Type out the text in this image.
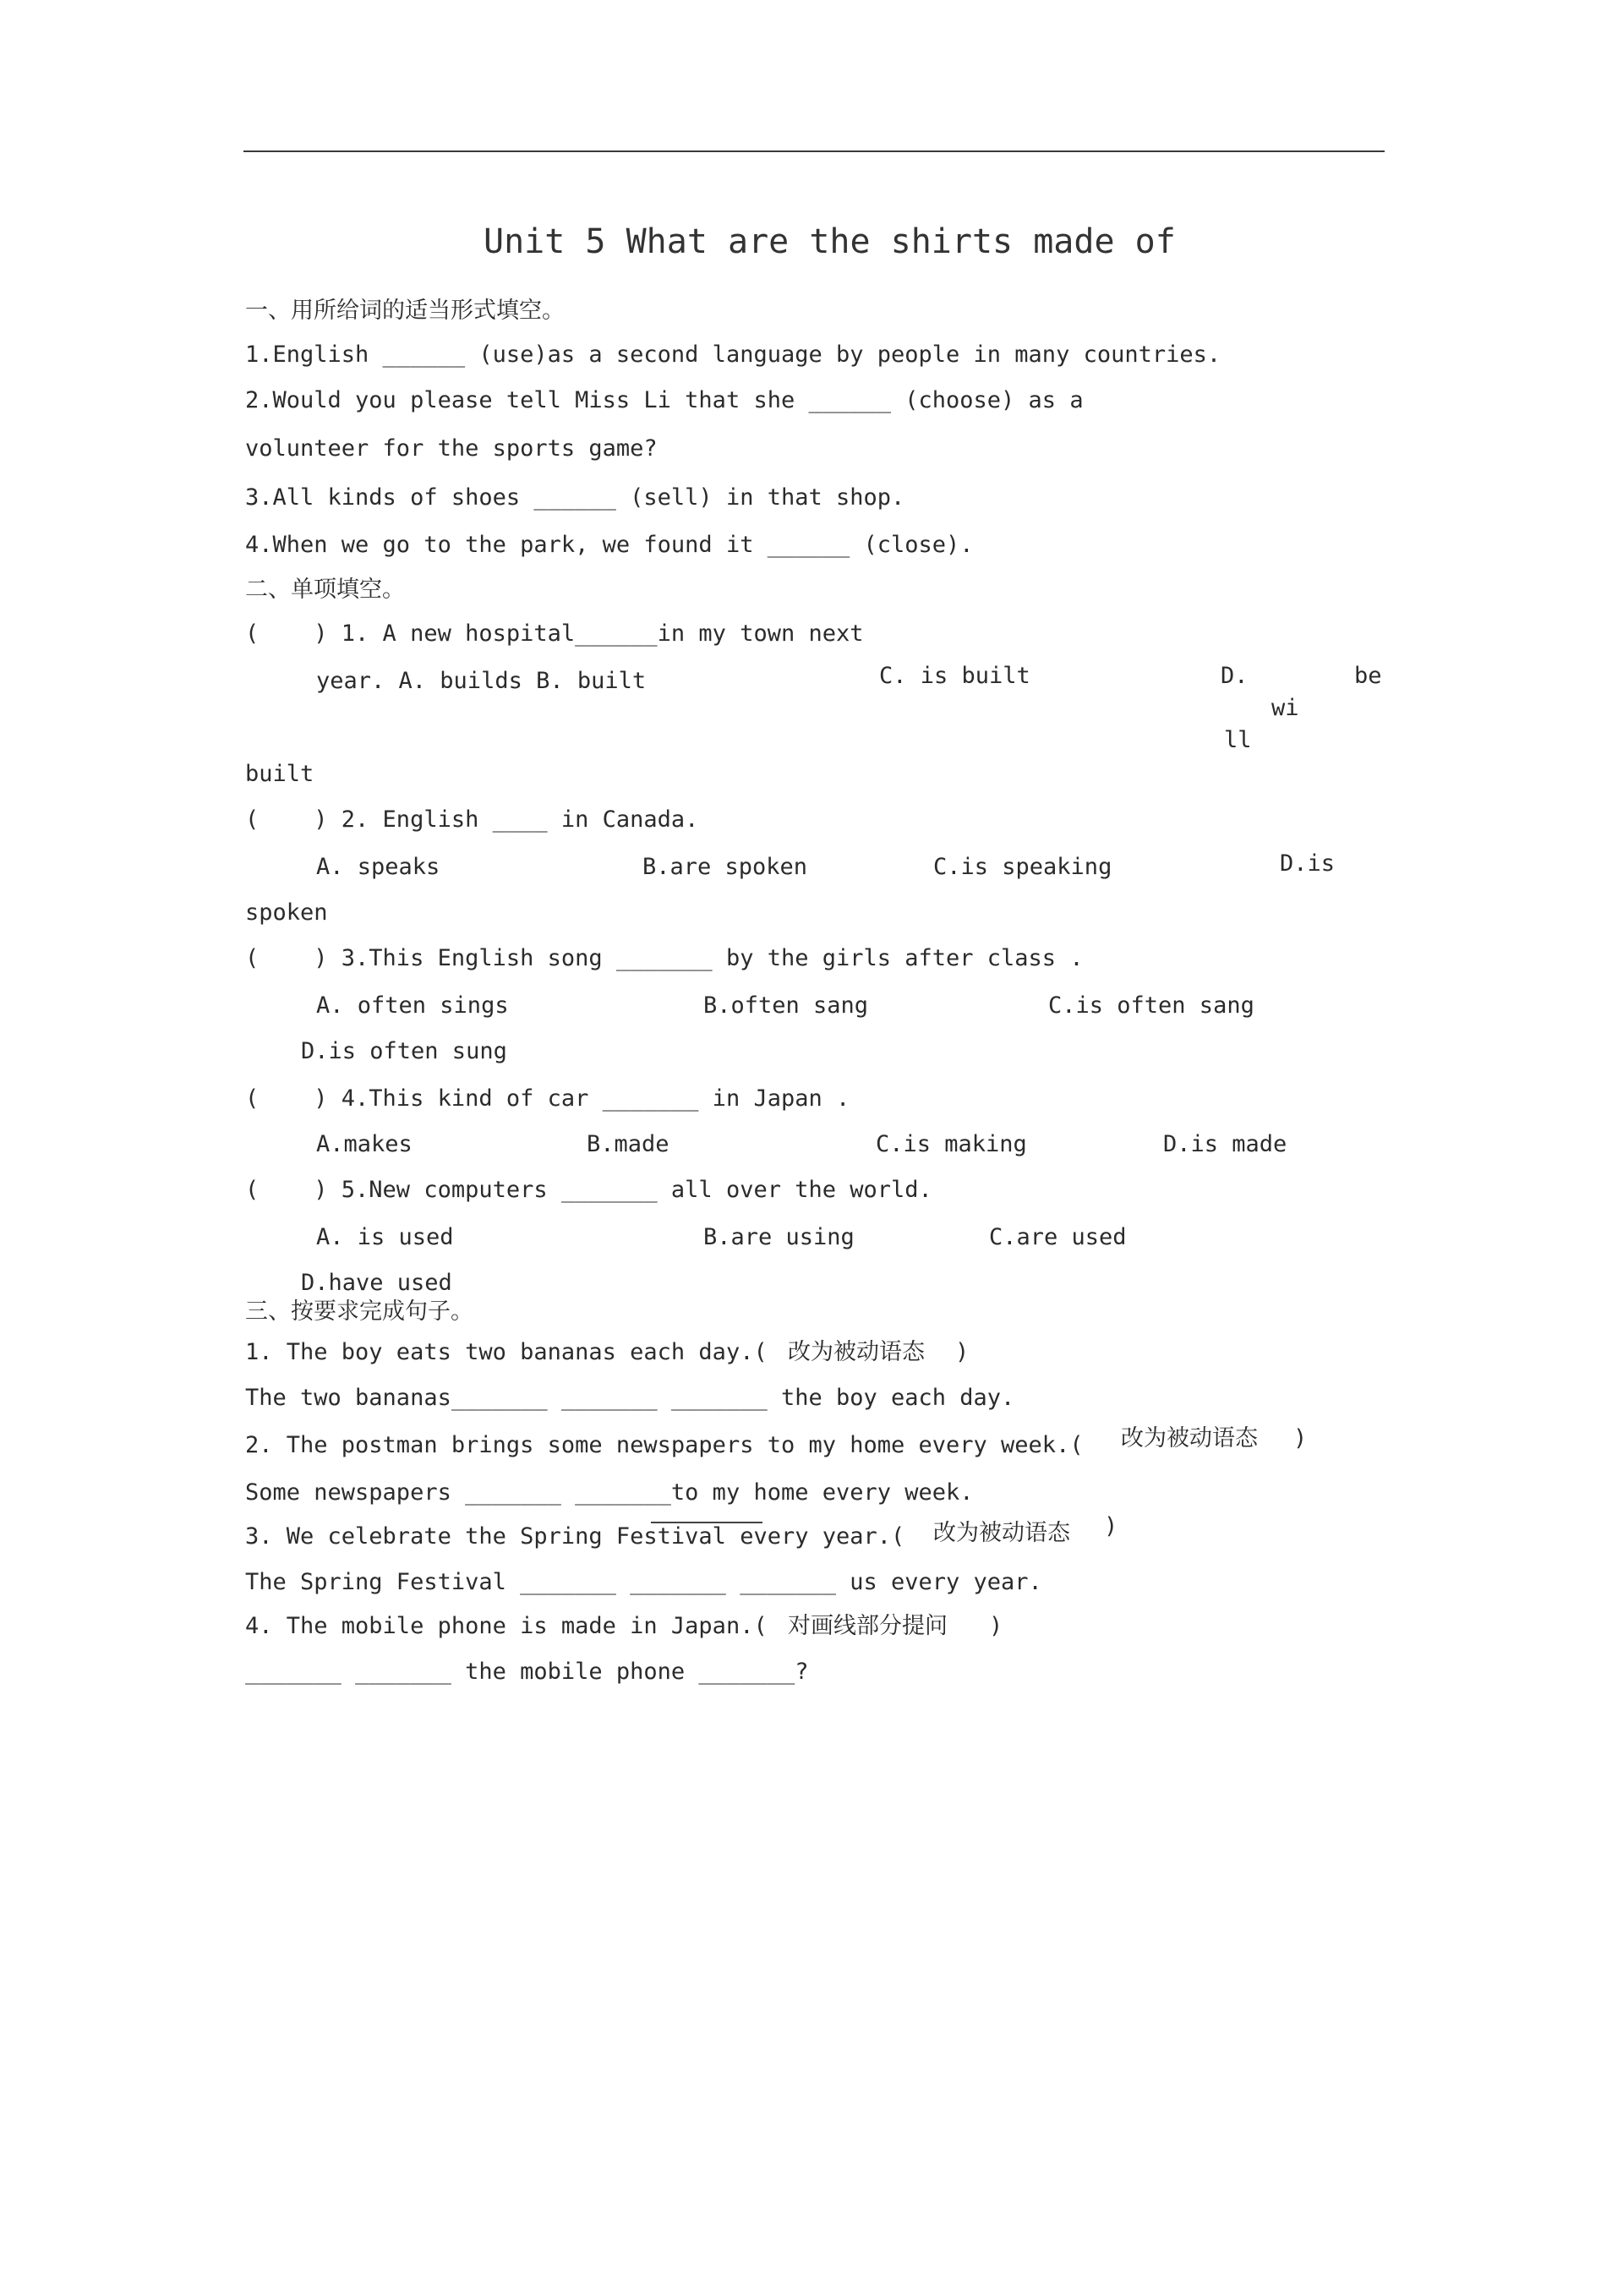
Unit 5 What are the shirts made of
一、用所给词的适当形式填空。
1.English ______ (use)as a second language by people in many countries.
2.Would you please tell Miss Li that she ______ (choose) as a
volunteer for the sports game?
3.All kinds of shoes ______ (sell) in that shop.
4.When we go to the park, we found it ______ (close).
二、单项填空。
(    ) 1. A new hospital______in my town next
year. A. builds B. built	C. is built	D.	be
wi
ll
built
(    ) 2. English ____ in Canada.
A. speaks	B.are spoken	C.is speaking	D.is
spoken
(    ) 3.This English song _______ by the girls after class .
A. often sings	B.often sang	C.is often sang
D.is often sung
(    ) 4.This kind of car _______ in Japan .
A.makes	B.made	C.is making	D.is made
(    ) 5.New computers _______ all over the world.
A. is used	B.are using	C.are used
D.have used
三、按要求完成句子。
1. The boy eats two bananas each day.( 改为被动语态 )
The two bananas_______ _______ _______ the boy each day.
2. The postman brings some newspapers to my home every week.( 改为被动语态 )
Some newspapers _______ _______to my home every week.
3. We celebrate the Spring Festival every year.( 改为被动语态 )
The Spring Festival _______ _______ _______ us every year.
4. The mobile phone is made in Japan.( 对画线部分提问 )
_______ _______ the mobile phone _______?
